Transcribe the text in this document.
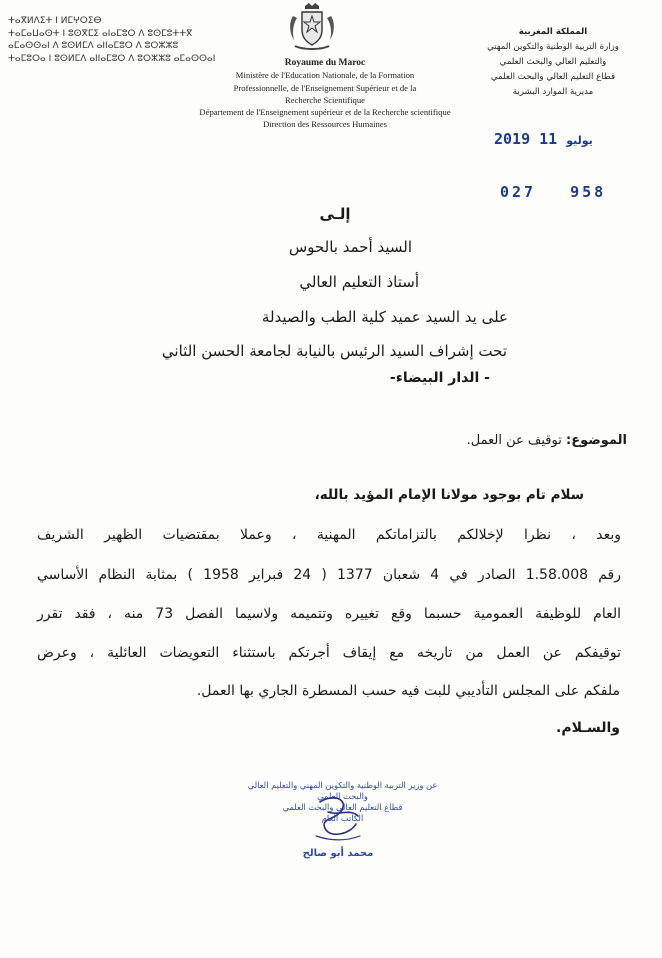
ⵜⴰⴳⵍⴷⵉⵜ ⵏ ⵍⵎⵖⵔⵉⴱ
ⵜⴰⵎⴰⵡⴰⵙⵜ ⵏ ⵓⵙⴳⵎⵉ ⴰⵏⴰⵎⵓⵔ ⴷ ⵓⵙⵎⵓⵜⵜⴳ
ⴰⵎⴰⵙⵙⴰⵏ ⴷ ⵓⵙⵍⵎⴷ ⴰⵏⵏⴰⵎⵓⵔ ⴷ ⵓⵔⵣⵣⵓ
ⵜⴰⵎⵓⵔⴰ ⵏ ⵓⵙⵍⵎⴷ ⴰⵏⵏⴰⵎⵓⵔ ⴷ ⵓⵔⵣⵣⵓ ⴰⵎⴰⵙⵙⴰⵏ	Royaume du Maroc
Ministère de l'Education Nationale, de la Formation
Professionnelle, de l'Enseignement Supérieur et de la
Recherche Scientifique
Département de l'Enseignement supérieur et de la Recherche scientifique
Direction des Ressources Humaines
المملكة المغربية
وزارة التربية الوطنية والتكوين المهني
والتعليم العالي والبحث العلمي
قطاع التعليم العالي والبحث العلمي
مديرية الموارد البشرية
2019	يوليو 11
027 958
إلـى
السيد أحمد بالحوس
أستاذ التعليم العالي
على يد السيد عميد كلية الطب والصيدلة
تحت إشراف السيد الرئيس بالنيابة لجامعة الحسن الثاني
- الدار البيضاء-
الموضوع: توقيف عن العمل.
سلام تام بوجود مولانا الإمام المؤيد بالله،
وبعد ، نظرا لإخلالكم بالتزاماتكم المهنية ، وعملا بمقتضيات الظهير الشريف
رقم 1.58.008 الصادر في 4 شعبان 1377 ( 24 فبراير 1958 ) بمثابة النظام الأساسي
العام للوظيفة العمومية حسبما وقع تغييره وتتميمه ولاسيما الفصل 73 منه ، فقد تقرر
توقيفكم عن العمل من تاريخه مع إيقاف أجرتكم باستثناء التعويضات العائلية ، وعرض
ملفكم على المجلس التأديبي للبت فيه حسب المسطرة الجاري بها العمل.
والسـلام.
عن وزير التربية الوطنية والتكوين المهني والتعليم العالي
والبحث العلمي
قطاع التعليم العالي والبحث العلمي
الكاتب العام
محمد أبو صالح
